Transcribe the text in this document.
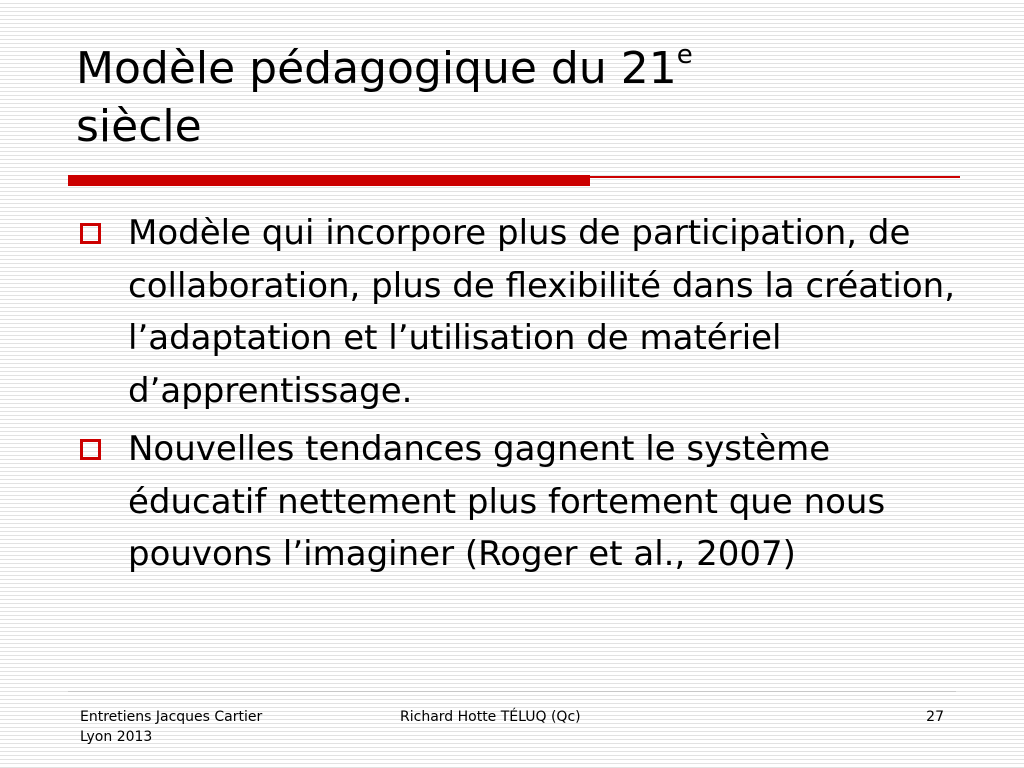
Modèle pédagogique du 21e
siècle
Modèle qui incorpore plus de participation, de collaboration, plus de flexibilité dans la création, l’adaptation et l’utilisation de matériel d’apprentissage.
Nouvelles tendances gagnent le système éducatif nettement plus fortement que nous pouvons l’imaginer (Roger et al., 2007)
Entretiens Jacques Cartier
Lyon 2013
Richard Hotte TÉLUQ (Qc)	27
